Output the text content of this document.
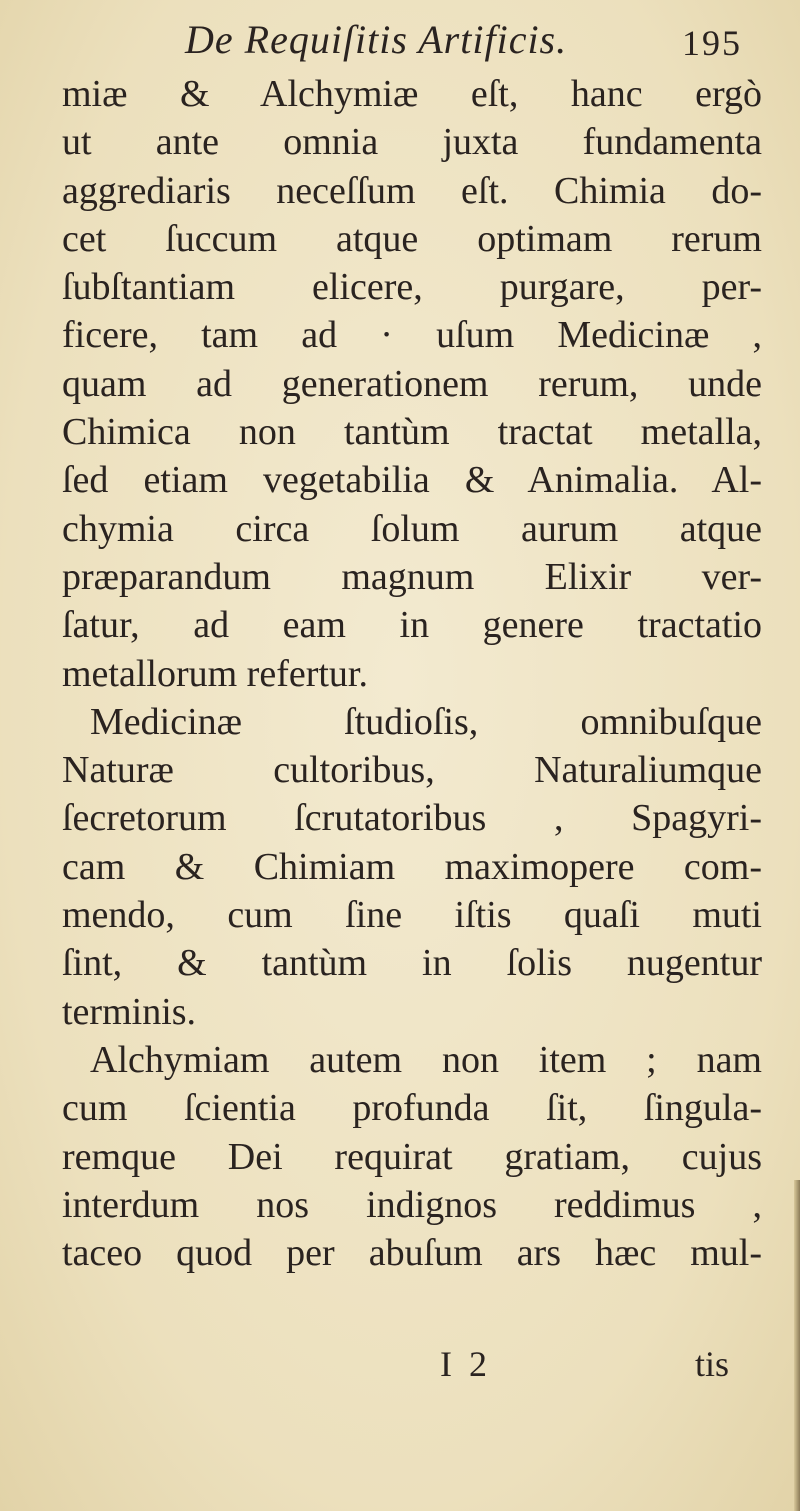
De Requiſitis Artificis.	195
miæ & Alchymiæ eſt, hanc ergò
ut ante omnia juxta fundamenta
aggrediaris neceſſum eſt. Chimia do-
cet ſuccum atque optimam rerum
ſubſtantiam elicere, purgare, per-
ficere, tam ad · uſum Medicinæ ,
quam ad generationem rerum, unde
Chimica non tantùm tractat metalla,
ſed etiam vegetabilia & Animalia. Al-
chymia circa ſolum aurum atque
præparandum magnum Elixir ver-
ſatur, ad eam in genere tractatio
metallorum refertur.
Medicinæ ſtudioſis, omnibuſque
Naturæ cultoribus, Naturaliumque
ſecretorum ſcrutatoribus , Spagyri-
cam & Chimiam maximopere com-
mendo, cum ſine iſtis quaſi muti
ſint, & tantùm in ſolis nugentur
terminis.
Alchymiam autem non item ; nam
cum ſcientia profunda ſit, ſingula-
remque Dei requirat gratiam, cujus
interdum nos indignos reddimus ,
taceo quod per abuſum ars hæc mul-
I 2	tis
